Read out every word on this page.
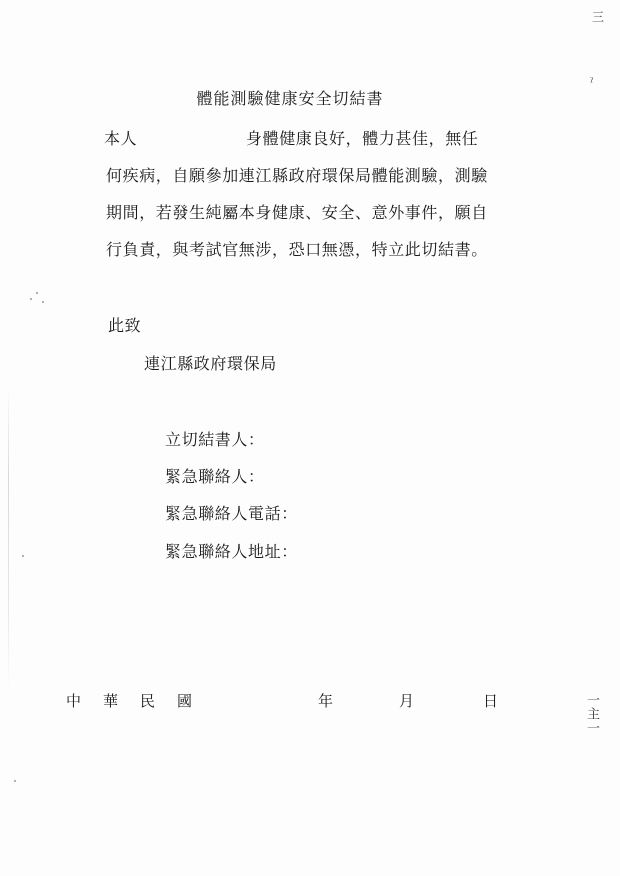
體能測驗健康安全切結書
本人	身體健康良好，體力甚佳，無任
何疾病，自願參加連江縣政府環保局體能測驗，測驗
期間，若發生純屬本身健康、安全、意外事件，願自
行負責，與考試官無涉，恐口無憑，特立此切結書。
此致
連江縣政府環保局
立切結書人：
緊急聯絡人：
緊急聯絡人電話：
緊急聯絡人地址：
中華民國	年	月	日
三
ˀ
一主一
